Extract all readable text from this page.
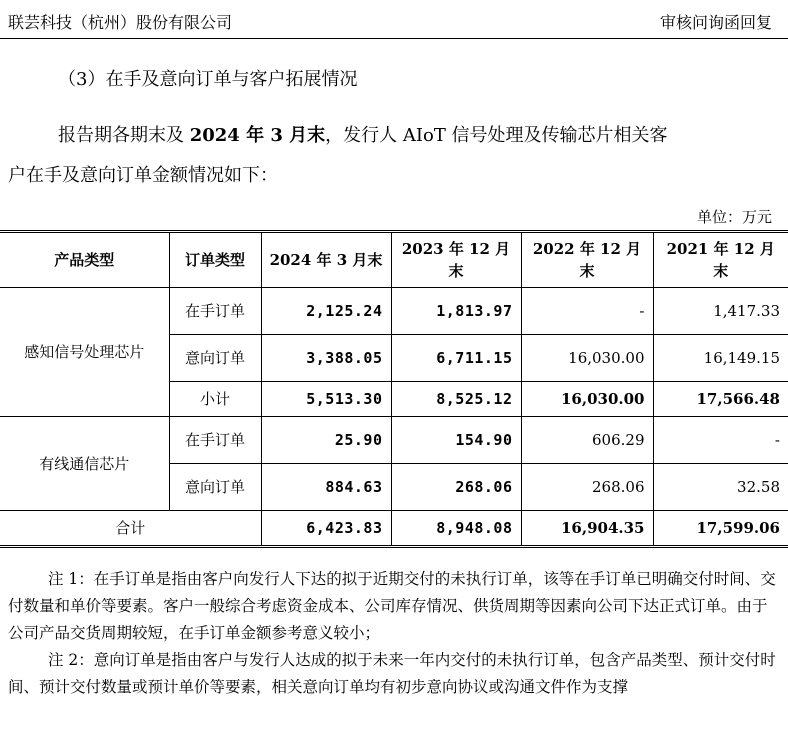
联芸科技（杭州）股份有限公司	审核问询函回复
（3）在手及意向订单与客户拓展情况
报告期各期末及 2024 年 3 月末，发行人 AIoT 信号处理及传输芯片相关客
户在手及意向订单金额情况如下：
单位：万元
产品类型	订单类型	2024 年 3 月末	2023 年 12 月末	2022 年 12 月末	2021 年 12 月末
感知信号处理芯片	在手订单	2,125.24	1,813.97	-	1,417.33
	意向订单	3,388.05	6,711.15	16,030.00	16,149.15
	小计	5,513.30	8,525.12	16,030.00	17,566.48
有线通信芯片	在手订单	25.90	154.90	606.29	-
	意向订单	884.63	268.06	268.06	32.58
合计		6,423.83	8,948.08	16,904.35	17,599.06

注 1：在手订单是指由客户向发行人下达的拟于近期交付的未执行订单，该等在手订单已明确交付时间、交付数量和单价等要素。客户一般综合考虑资金成本、公司库存情况、供货周期等因素向公司下达正式订单。由于公司产品交货周期较短，在手订单金额参考意义较小；

注 2：意向订单是指由客户与发行人达成的拟于未来一年内交付的未执行订单，包含产品类型、预计交付时间、预计交付数量或预计单价等要素，相关意向订单均有初步意向协议或沟通文件作为支撑
